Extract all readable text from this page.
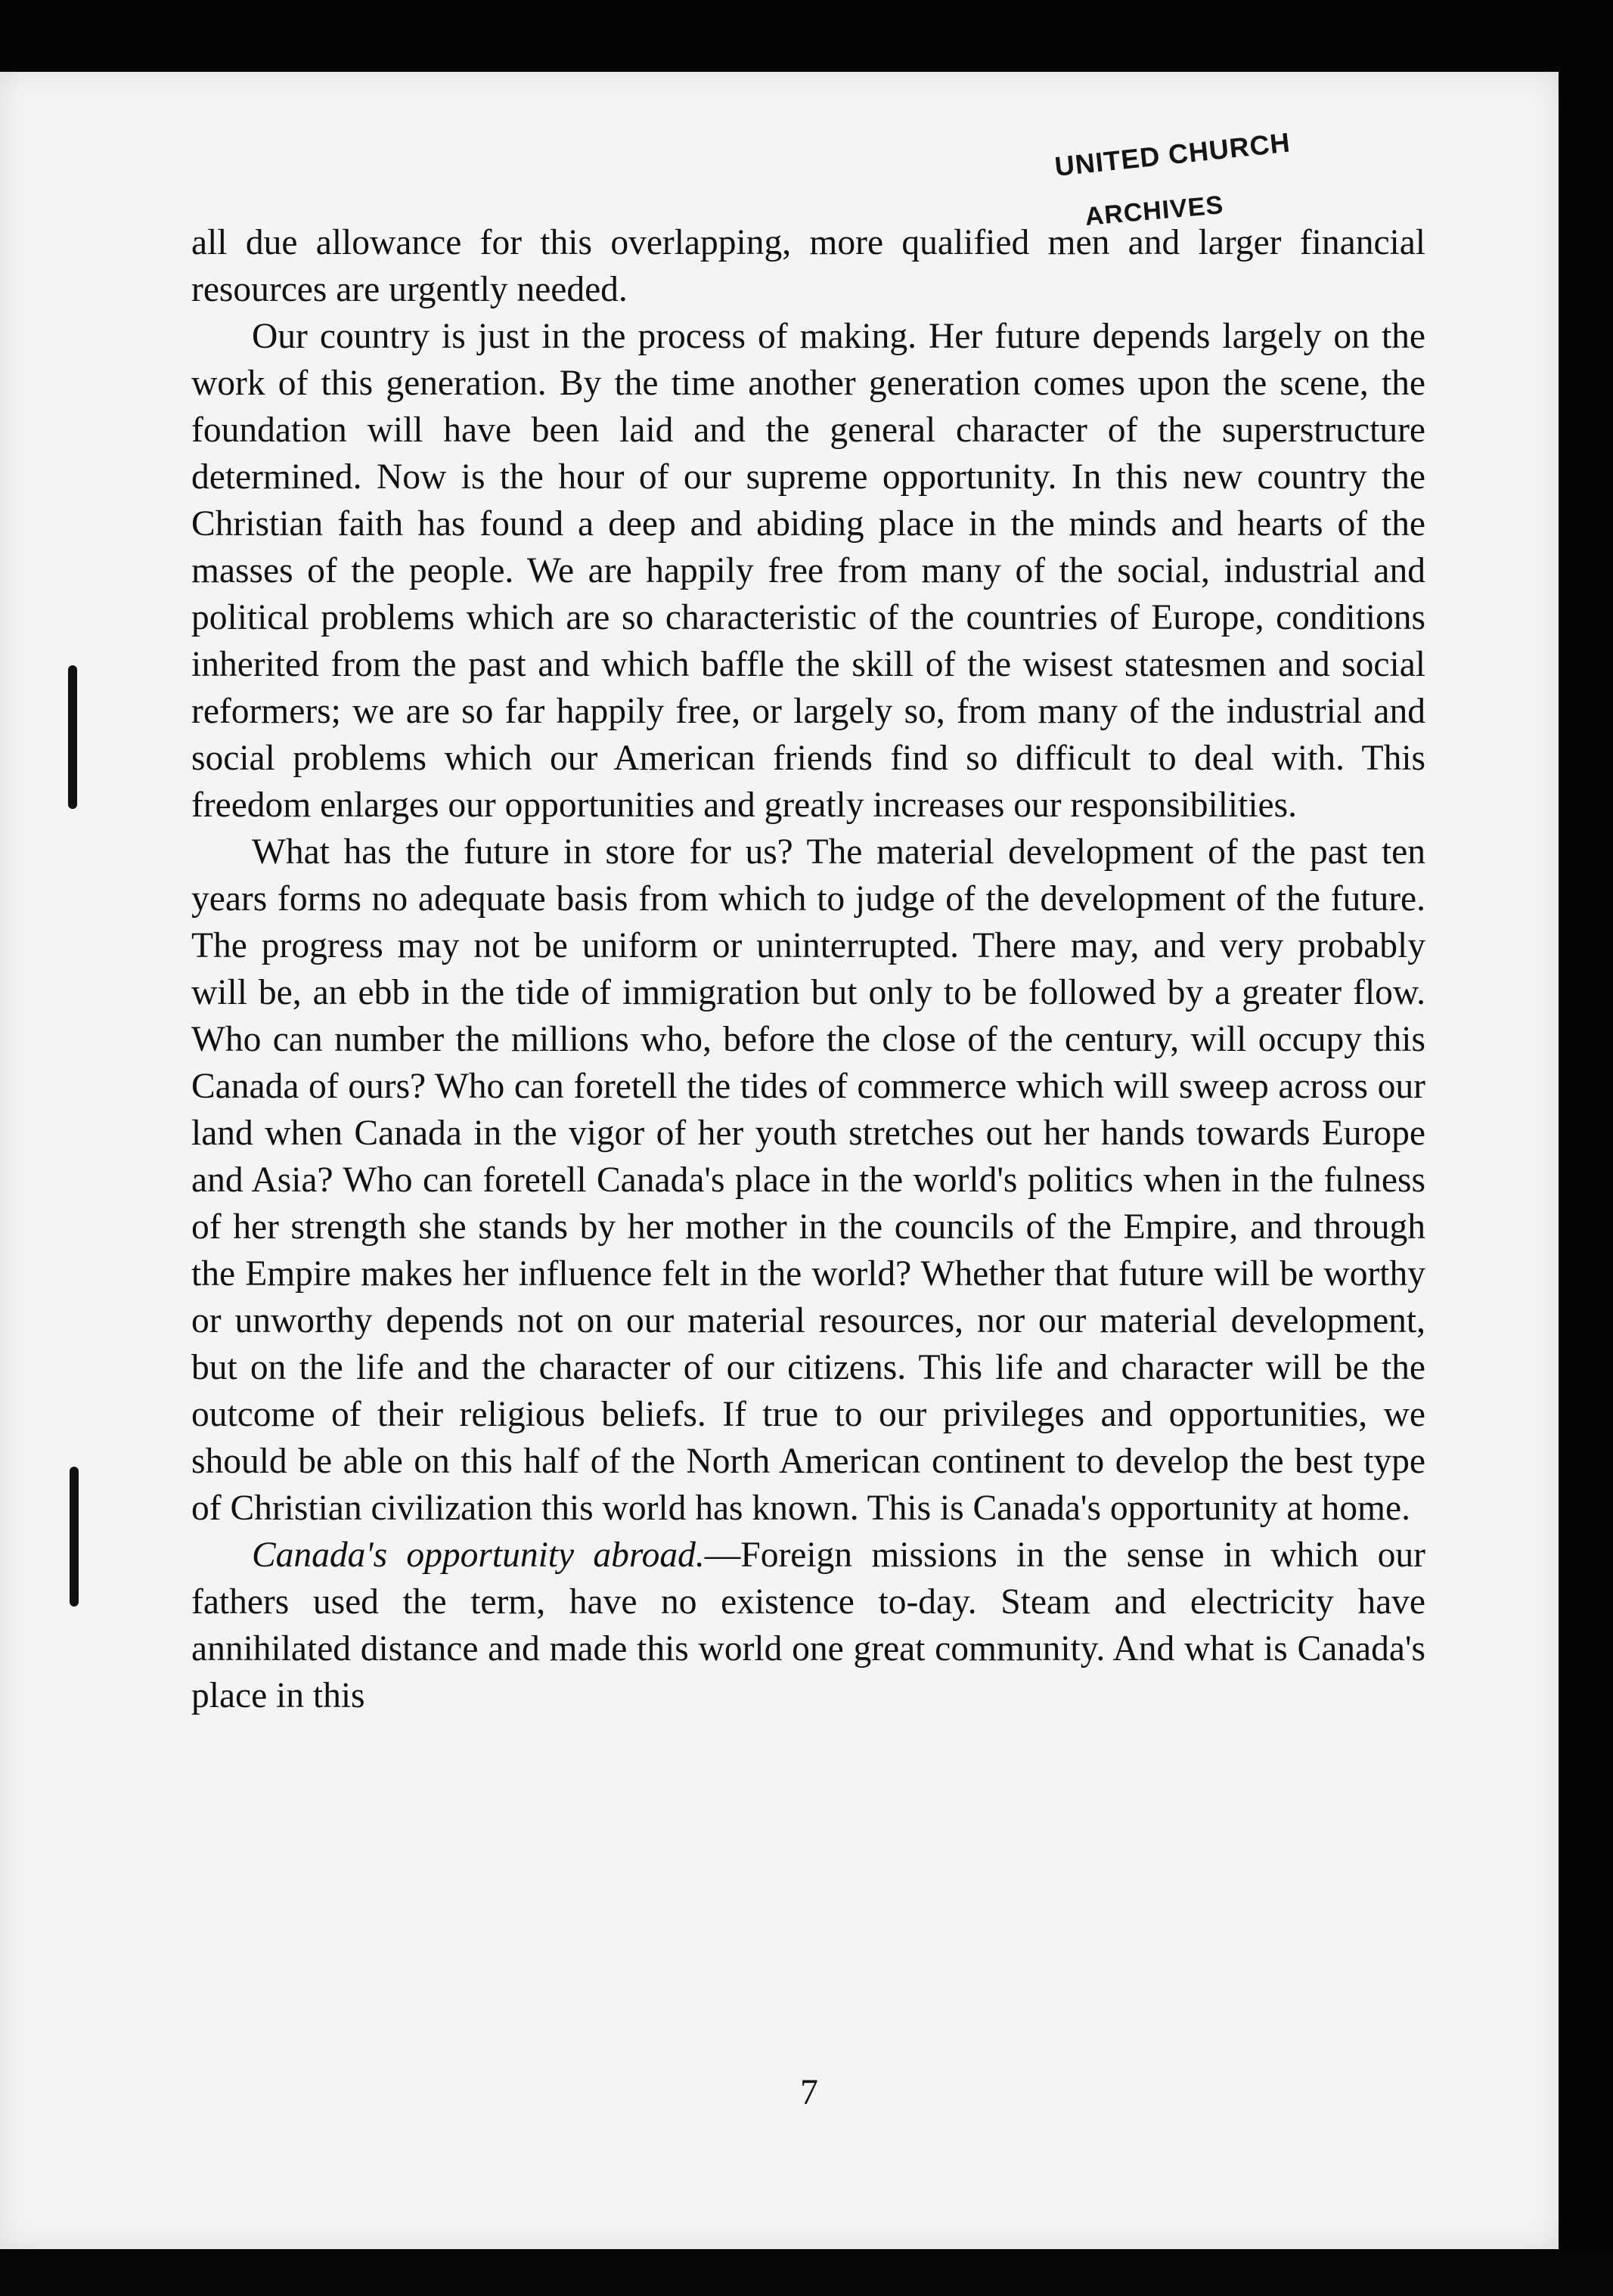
UNITED CHURCH
ARCHIVES

all due allowance for this overlapping, more qualified men and larger financial resources are urgently needed.

Our country is just in the process of making. Her future depends largely on the work of this generation. By the time another generation comes upon the scene, the foundation will have been laid and the general character of the superstructure determined. Now is the hour of our supreme opportunity. In this new country the Christian faith has found a deep and abiding place in the minds and hearts of the masses of the people. We are happily free from many of the social, industrial and political problems which are so characteristic of the countries of Europe, conditions inherited from the past and which baffle the skill of the wisest statesmen and social reformers; we are so far happily free, or largely so, from many of the industrial and social problems which our American friends find so difficult to deal with. This freedom enlarges our opportunities and greatly increases our responsibilities.

What has the future in store for us? The material development of the past ten years forms no adequate basis from which to judge of the development of the future. The progress may not be uniform or uninterrupted. There may, and very probably will be, an ebb in the tide of immigration but only to be followed by a greater flow. Who can number the millions who, before the close of the century, will occupy this Canada of ours? Who can foretell the tides of commerce which will sweep across our land when Canada in the vigor of her youth stretches out her hands towards Europe and Asia? Who can foretell Canada's place in the world's politics when in the fulness of her strength she stands by her mother in the councils of the Empire, and through the Empire makes her influence felt in the world? Whether that future will be worthy or unworthy depends not on our material resources, nor our material development, but on the life and the character of our citizens. This life and character will be the outcome of their religious beliefs. If true to our privileges and opportunities, we should be able on this half of the North American continent to develop the best type of Christian civilization this world has known. This is Canada's opportunity at home.

Canada's opportunity abroad.—Foreign missions in the sense in which our fathers used the term, have no existence to-day. Steam and electricity have annihilated distance and made this world one great community. And what is Canada's place in this

7
